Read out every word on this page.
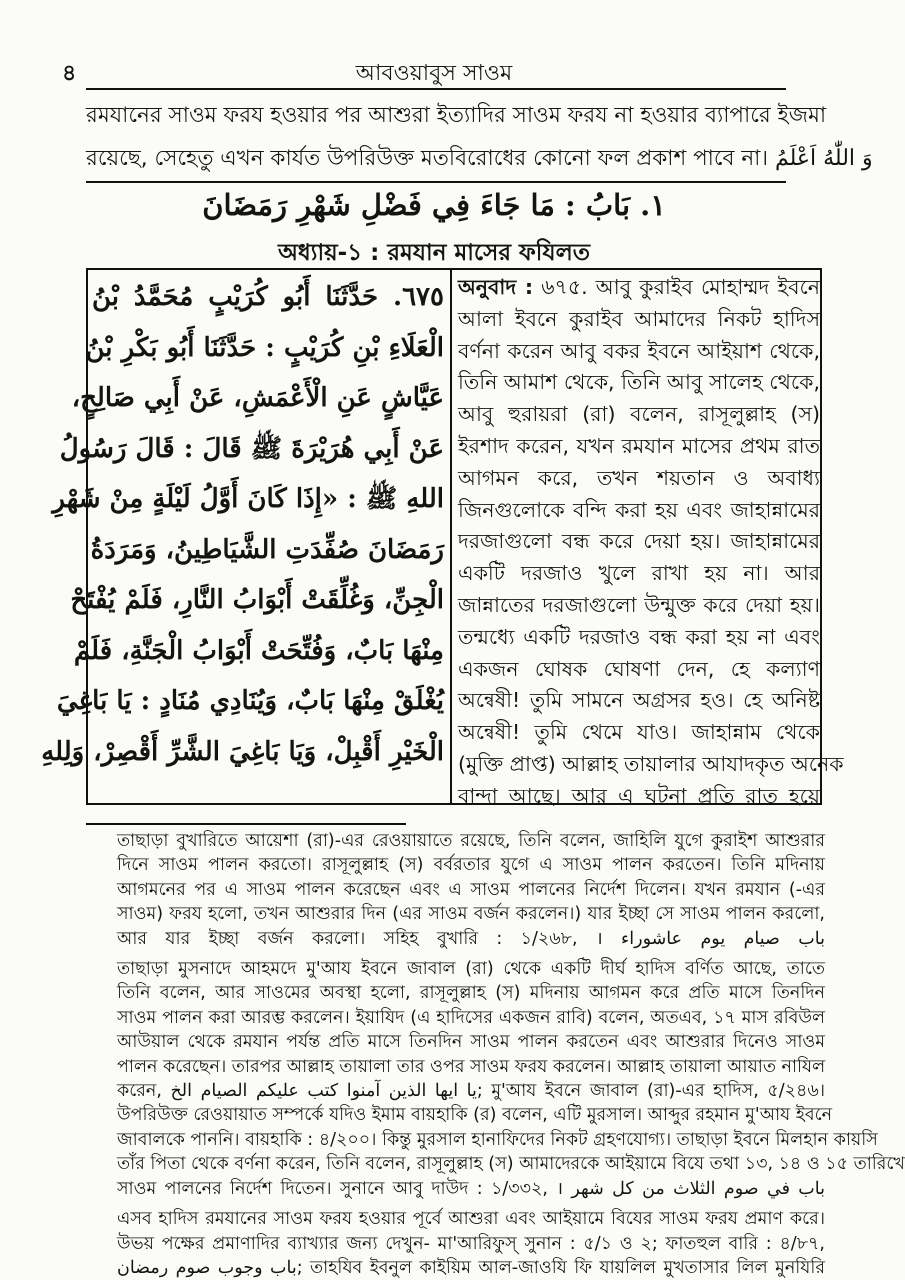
৪	আবওয়াবুস সাওম
রমযানের সাওম ফরয হওয়ার পর আশুরা ইত্যাদির সাওম ফরয না হওয়ার ব্যাপারে ইজমা
রয়েছে, সেহেতু এখন কার্যত উপরিউক্ত মতবিরোধের কোনো ফল প্রকাশ পাবে না। وَ اللّٰهُ اَعْلَمُ
١. بَابُ : مَا جَاءَ فِي فَضْلِ شَهْرِ رَمَضَانَ
অধ্যায়-১ : রমযান মাসের ফযিলত
٦٧٥. حَدَّثَنَا أَبُو كُرَيْبٍ مُحَمَّدُ بْنُ
الْعَلَاءِ بْنِ كُرَيْبٍ : حَدَّثَنَا أَبُو بَكْرِ بْنُ
عَيَّاشٍ عَنِ الْأَعْمَشِ، عَنْ أَبِي صَالِحٍ،
عَنْ أَبِي هُرَيْرَةَ ﷺ قَالَ : قَالَ رَسُولُ
اللهِ ﷺ : «إِذَا كَانَ أَوَّلُ لَيْلَةٍ مِنْ شَهْرِ
رَمَضَانَ صُفِّدَتِ الشَّيَاطِينُ، وَمَرَدَةُ
الْجِنِّ، وَغُلِّقَتْ أَبْوَابُ النَّارِ، فَلَمْ يُفْتَحْ
مِنْهَا بَابٌ، وَفُتِّحَتْ أَبْوَابُ الْجَنَّةِ، فَلَمْ
يُغْلَقْ مِنْهَا بَابٌ، وَيُنَادِي مُنَادٍ : يَا بَاغِيَ
الْخَيْرِ أَقْبِلْ، وَيَا بَاغِيَ الشَّرِّ أَقْصِرْ، وَلِلهِ
অনুবাদ : ৬৭৫. আবু কুরাইব মোহাম্মদ ইবনে
আলা ইবনে কুরাইব আমাদের নিকট হাদিস
বর্ণনা করেন আবু বকর ইবনে আইয়াশ থেকে,
তিনি আমাশ থেকে, তিনি আবু সালেহ থেকে,
আবু হুরায়রা (রা) বলেন, রাসূলুল্লাহ (স)
ইরশাদ করেন, যখন রমযান মাসের প্রথম রাত
আগমন করে, তখন শয়তান ও অবাধ্য
জিনগুলোকে বন্দি করা হয় এবং জাহান্নামের
দরজাগুলো বন্ধ করে দেয়া হয়। জাহান্নামের
একটি দরজাও খুলে রাখা হয় না। আর
জান্নাতের দরজাগুলো উন্মুক্ত করে দেয়া হয়।
তন্মধ্যে একটি দরজাও বন্ধ করা হয় না এবং
একজন ঘোষক ঘোষণা দেন, হে কল্যাণ
অন্বেষী! তুমি সামনে অগ্রসর হও। হে অনিষ্ট
অন্বেষী! তুমি থেমে যাও। জাহান্নাম থেকে
(মুক্তি প্রাপ্ত) আল্লাহ তায়ালার আযাদকৃত অনেক
বান্দা আছে। আর এ ঘটনা প্রতি রাত হয়ে
তাছাড়া বুখারিতে আয়েশা (রা)-এর রেওয়ায়াতে রয়েছে, তিনি বলেন, জাহিলি যুগে কুরাইশ আশুরার
দিনে সাওম পালন করতো। রাসূলুল্লাহ (স) বর্বরতার যুগে এ সাওম পালন করতেন। তিনি মদিনায়
আগমনের পর এ সাওম পালন করেছেন এবং এ সাওম পালনের নির্দেশ দিলেন। যখন রমযান (-এর
সাওম) ফরয হলো, তখন আশুরার দিন (এর সাওম বর্জন করলেন।) যার ইচ্ছা সে সাওম পালন করলো,
আর যার ইচ্ছা বর্জন করলো। সহিহ বুখারি : ১/২৬৮, باب صيام يوم عاشوراء ।
তাছাড়া মুসনাদে আহমদে মু'আয ইবনে জাবাল (রা) থেকে একটি দীর্ঘ হাদিস বর্ণিত আছে, তাতে
তিনি বলেন, আর সাওমের অবস্থা হলো, রাসূলুল্লাহ (স) মদিনায় আগমন করে প্রতি মাসে তিনদিন
সাওম পালন করা আরম্ভ করলেন। ইয়াযিদ (এ হাদিসের একজন রাবি) বলেন, অতএব, ১৭ মাস রবিউল
আউয়াল থেকে রমযান পর্যন্ত প্রতি মাসে তিনদিন সাওম পালন করতেন এবং আশুরার দিনেও সাওম
পালন করেছেন। তারপর আল্লাহ তায়ালা তার ওপর সাওম ফরয করলেন। আল্লাহ তায়ালা আয়াত নাযিল
করেন, يا ايها الذين آمنوا كتب عليكم الصيام الخ; মু'আয ইবনে জাবাল (রা)-এর হাদিস, ৫/২৪৬।
উপরিউক্ত রেওয়ায়াত সম্পর্কে যদিও ইমাম বায়হাকি (র) বলেন, এটি মুরসাল। আব্দুর রহমান মু'আয ইবনে
জাবালকে পাননি। বায়হাকি : ৪/২০০। কিন্তু মুরসাল হানাফিদের নিকট গ্রহণযোগ্য। তাছাড়া ইবনে মিলহান কায়সি
তাঁর পিতা থেকে বর্ণনা করেন, তিনি বলেন, রাসূলুল্লাহ (স) আমাদেরকে আইয়ামে বিযে তথা ১৩, ১৪ ও ১৫ তারিখে
সাওম পালনের নির্দেশ দিতেন। সুনানে আবু দাউদ : ১/৩৩২, باب في صوم الثلاث من كل شهر ।
এসব হাদিস রমযানের সাওম ফরয হওয়ার পূর্বে আশুরা এবং আইয়ামে বিযের সাওম ফরয প্রমাণ করে।
উভয় পক্ষের প্রমাণাদির ব্যাখ্যার জন্য দেখুন- মা'আরিফুস্ সুনান : ৫/১ ও ২; ফাতহুল বারি : ৪/৮৭,
باب وجوب صوم رمضان; তাহযিব ইবনুল কাইয়িম আল-জাওযি ফি যায়লিল মুখতাসার লিল মুনযিরি
